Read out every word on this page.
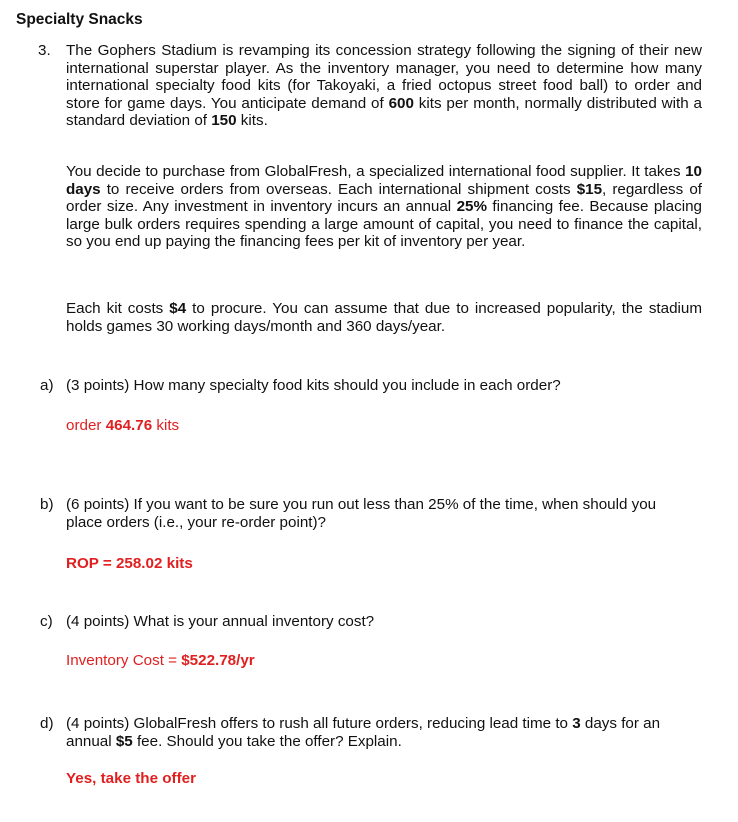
Specialty Snacks
3. The Gophers Stadium is revamping its concession strategy following the signing of their new international superstar player. As the inventory manager, you need to determine how many international specialty food kits (for Takoyaki, a fried octopus street food ball) to order and store for game days. You anticipate demand of 600 kits per month, normally distributed with a standard deviation of 150 kits.

You decide to purchase from GlobalFresh, a specialized international food supplier. It takes 10 days to receive orders from overseas. Each international shipment costs $15, regardless of order size. Any investment in inventory incurs an annual 25% financing fee. Because placing large bulk orders requires spending a large amount of capital, you need to finance the capital, so you end up paying the financing fees per kit of inventory per year.

Each kit costs $4 to procure. You can assume that due to increased popularity, the stadium holds games 30 working days/month and 360 days/year.

a) (3 points) How many specialty food kits should you include in each order?
order 464.76 kits
b) (6 points) If you want to be sure you run out less than 25% of the time, when should you place orders (i.e., your re-order point)?
ROP = 258.02 kits
c) (4 points) What is your annual inventory cost?
Inventory Cost = $522.78/yr
d) (4 points) GlobalFresh offers to rush all future orders, reducing lead time to 3 days for an annual $5 fee. Should you take the offer? Explain.
Yes, take the offer
